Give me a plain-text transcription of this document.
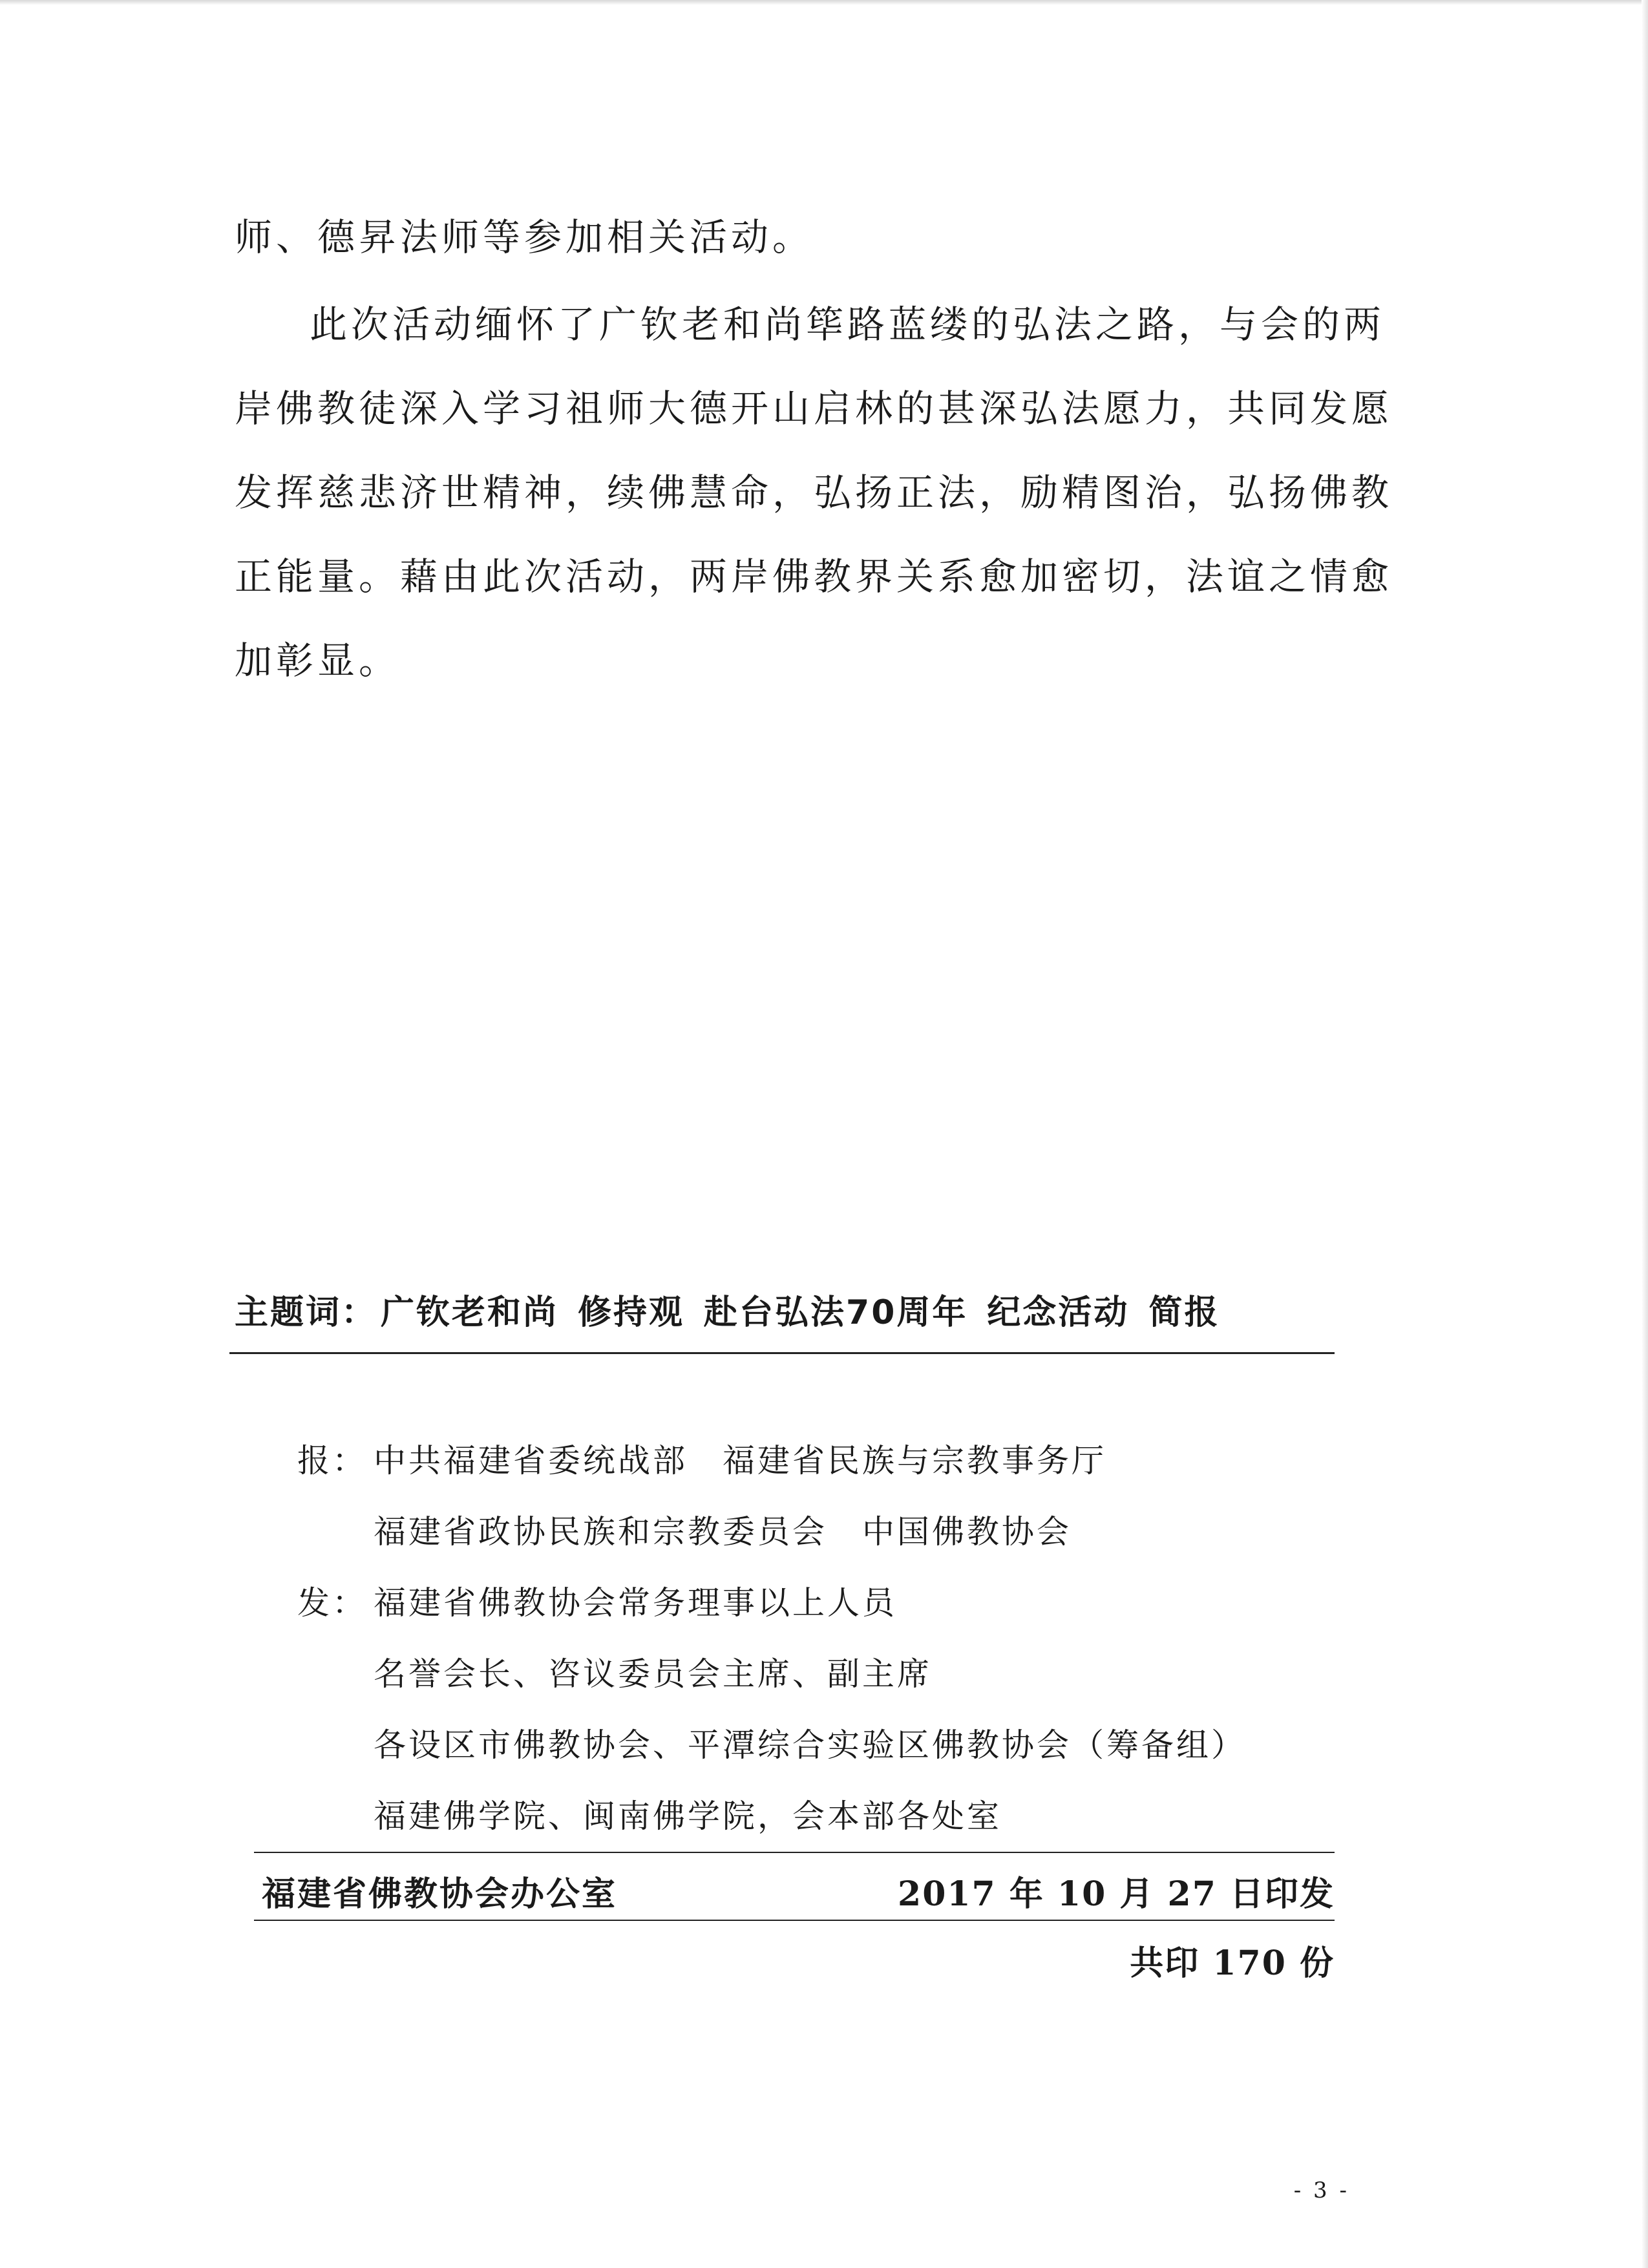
师、德昇法师等参加相关活动。
此次活动缅怀了广钦老和尚筚路蓝缕的弘法之路，与会的两
岸佛教徒深入学习祖师大德开山启林的甚深弘法愿力，共同发愿
发挥慈悲济世精神，续佛慧命，弘扬正法，励精图治，弘扬佛教
正能量。藉由此次活动，两岸佛教界关系愈加密切，法谊之情愈
加彰显。
主题词： 广钦老和尚 修持观 赴台弘法70周年 纪念活动 简报
报： 中共福建省委统战部　福建省民族与宗教事务厅
福建省政协民族和宗教委员会　中国佛教协会
发： 福建省佛教协会常务理事以上人员
名誉会长、咨议委员会主席、副主席
各设区市佛教协会、平潭综合实验区佛教协会（筹备组）
福建佛学院、闽南佛学院，会本部各处室
福建省佛教协会办公室	2017 年 10 月 27 日印发
共印 170 份
- 3 -
